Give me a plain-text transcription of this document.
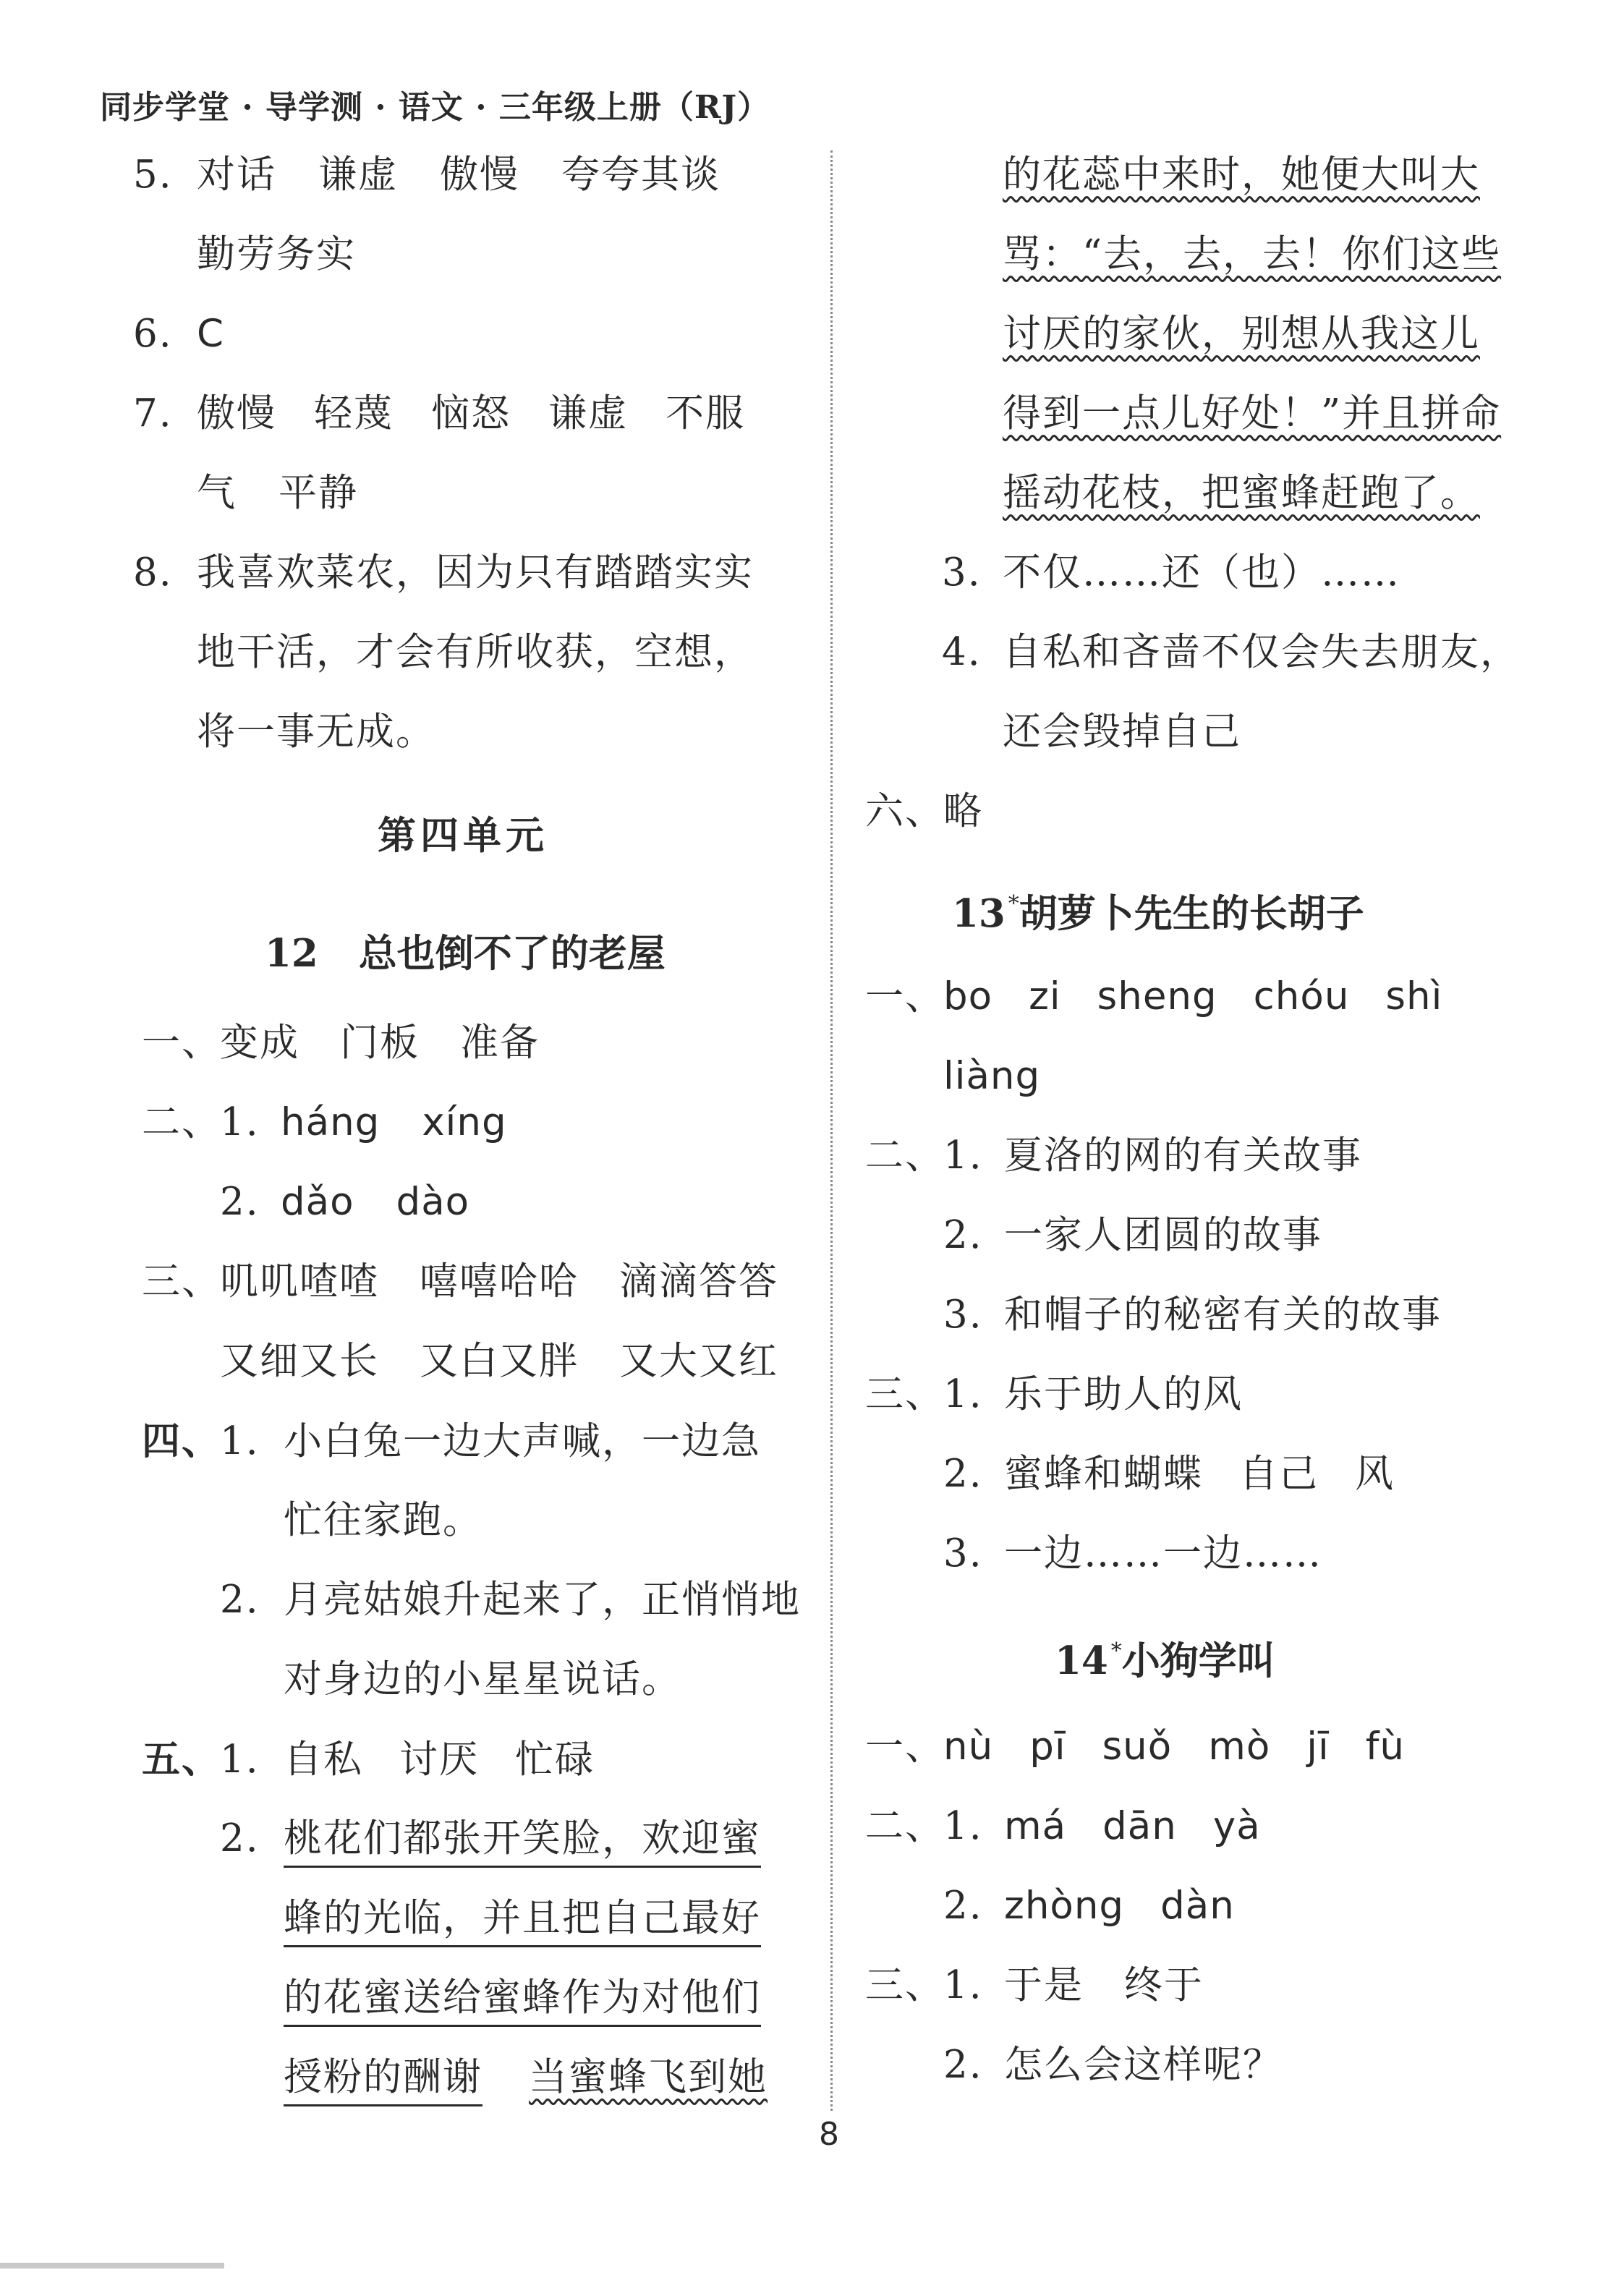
同步学堂 · 导学测 · 语文 · 三年级上册（RJ）
5. 对话 谦虚 傲慢 夸夸其谈
勤劳务实
6. C
7. 傲慢 轻蔑 恼怒 谦虚 不服
气 平静
8. 我喜欢菜农，因为只有踏踏实实
地干活，才会有所收获，空想，
将一事无成。
第四单元
12 总也倒不了的老屋
一、变成 门板 准备
二、1. háng xíng
2. dǎo dào
三、叽叽喳喳 嘻嘻哈哈 滴滴答答
又细又长 又白又胖 又大又红
四、1. 小白兔一边大声喊，一边急
忙往家跑。
2. 月亮姑娘升起来了，正悄悄地
对身边的小星星说话。
五、1. 自私 讨厌 忙碌
2. 桃花们都张开笑脸，欢迎蜜
蜂的光临，并且把自己最好
的花蜜送给蜜蜂作为对他们
授粉的酬谢 当蜜蜂飞到她
的花蕊中来时，她便大叫大
骂：“去，去，去！你们这些
讨厌的家伙，别想从我这儿
得到一点儿好处！”并且拼命
摇动花枝，把蜜蜂赶跑了。
3. 不仅……还（也）……
4. 自私和吝啬不仅会失去朋友，
还会毁掉自己
六、略
13 *胡萝卜先生的长胡子
一、bo zi sheng chóu shì
liàng
二、1. 夏洛的网的有关故事
2. 一家人团圆的故事
3. 和帽子的秘密有关的故事
三、1. 乐于助人的风
2. 蜜蜂和蝴蝶 自己 风
3. 一边……一边……
14 *小狗学叫
一、nù pī suǒ mò jī fù
二、1. má dān yà
2. zhòng dàn
三、1. 于是 终于
2. 怎么会这样呢？
8
